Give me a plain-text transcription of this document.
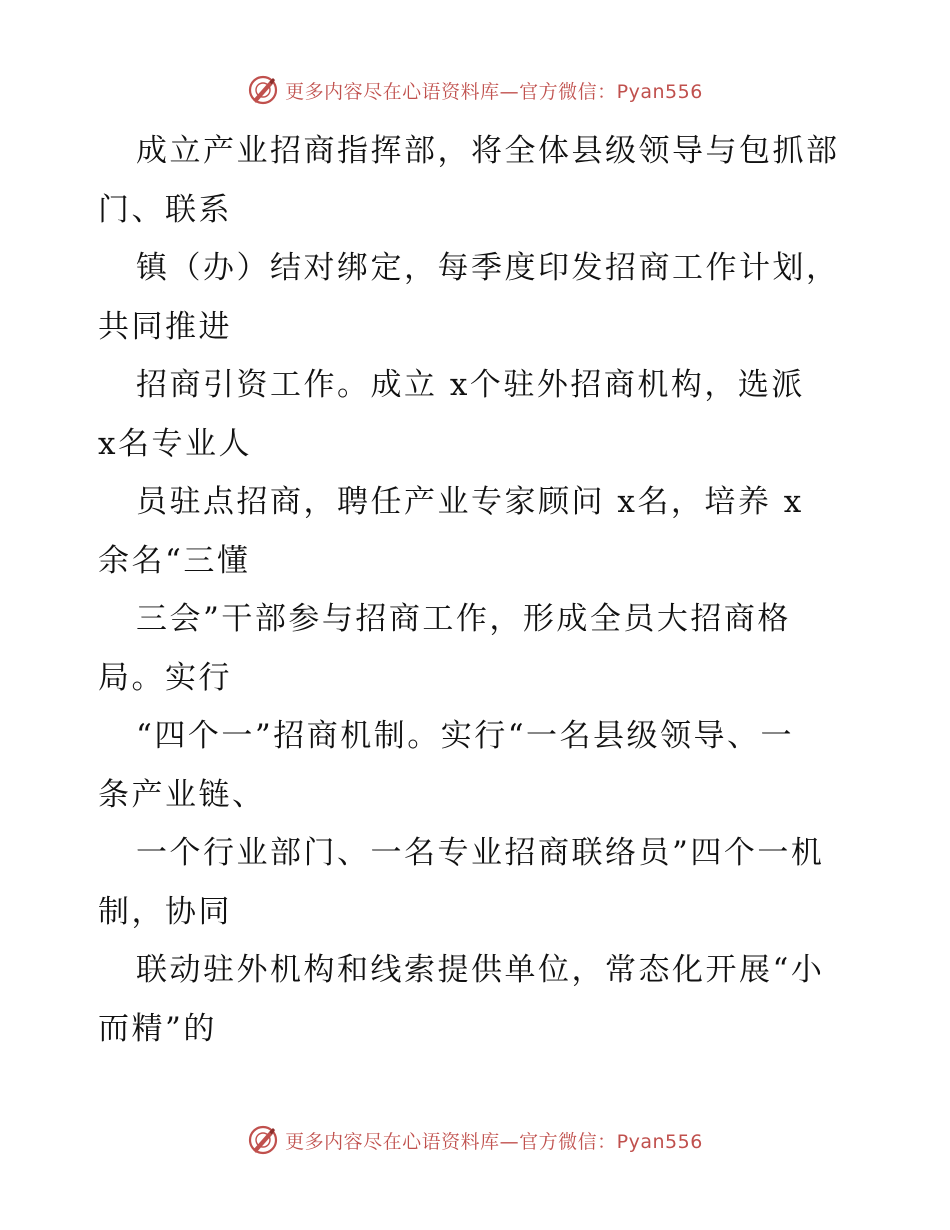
更多内容尽在心语资料库—官方微信：Pyan556
成立产业招商指挥部，将全体县级领导与包抓部
门、联系
镇（办）结对绑定，每季度印发招商工作计划，
共同推进
招商引资工作。成立 x个驻外招商机构，选派
x名专业人
员驻点招商，聘任产业专家顾问 x名，培养 x
余名“三懂
三会”干部参与招商工作，形成全员大招商格
局。实行
“四个一”招商机制。实行“一名县级领导、一
条产业链、
一个行业部门、一名专业招商联络员”四个一机
制，协同
联动驻外机构和线索提供单位，常态化开展“小
而精”的
更多内容尽在心语资料库—官方微信：Pyan556
